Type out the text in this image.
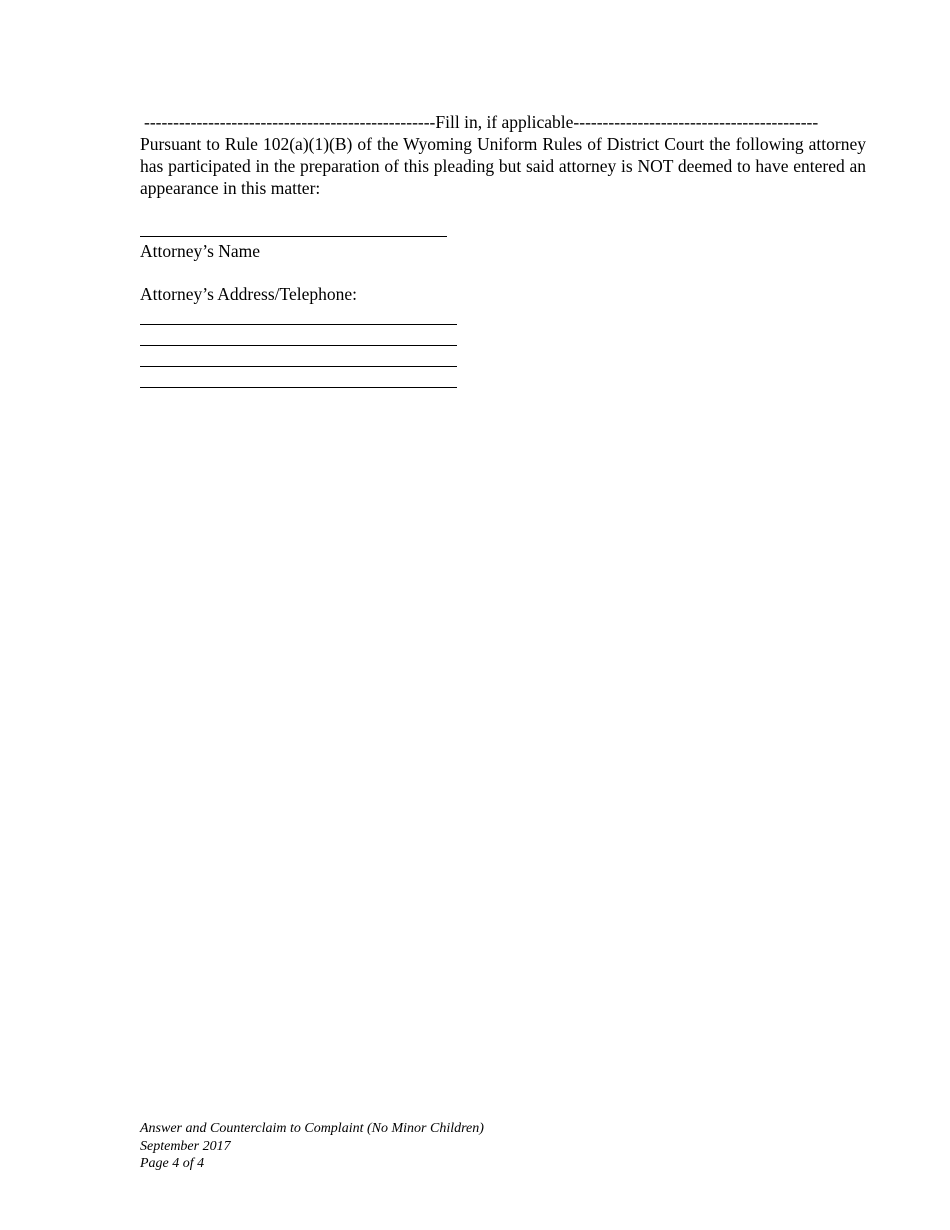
--------------------------------------------------Fill in, if applicable------------------------------------------

Pursuant to Rule 102(a)(1)(B) of the Wyoming Uniform Rules of District Court the following attorney has participated in the preparation of this pleading but said attorney is NOT deemed to have entered an appearance in this matter:

Attorney’s Name
Attorney’s Address/Telephone:
Answer and Counterclaim to Complaint (No Minor Children)
September 2017
Page 4 of 4
